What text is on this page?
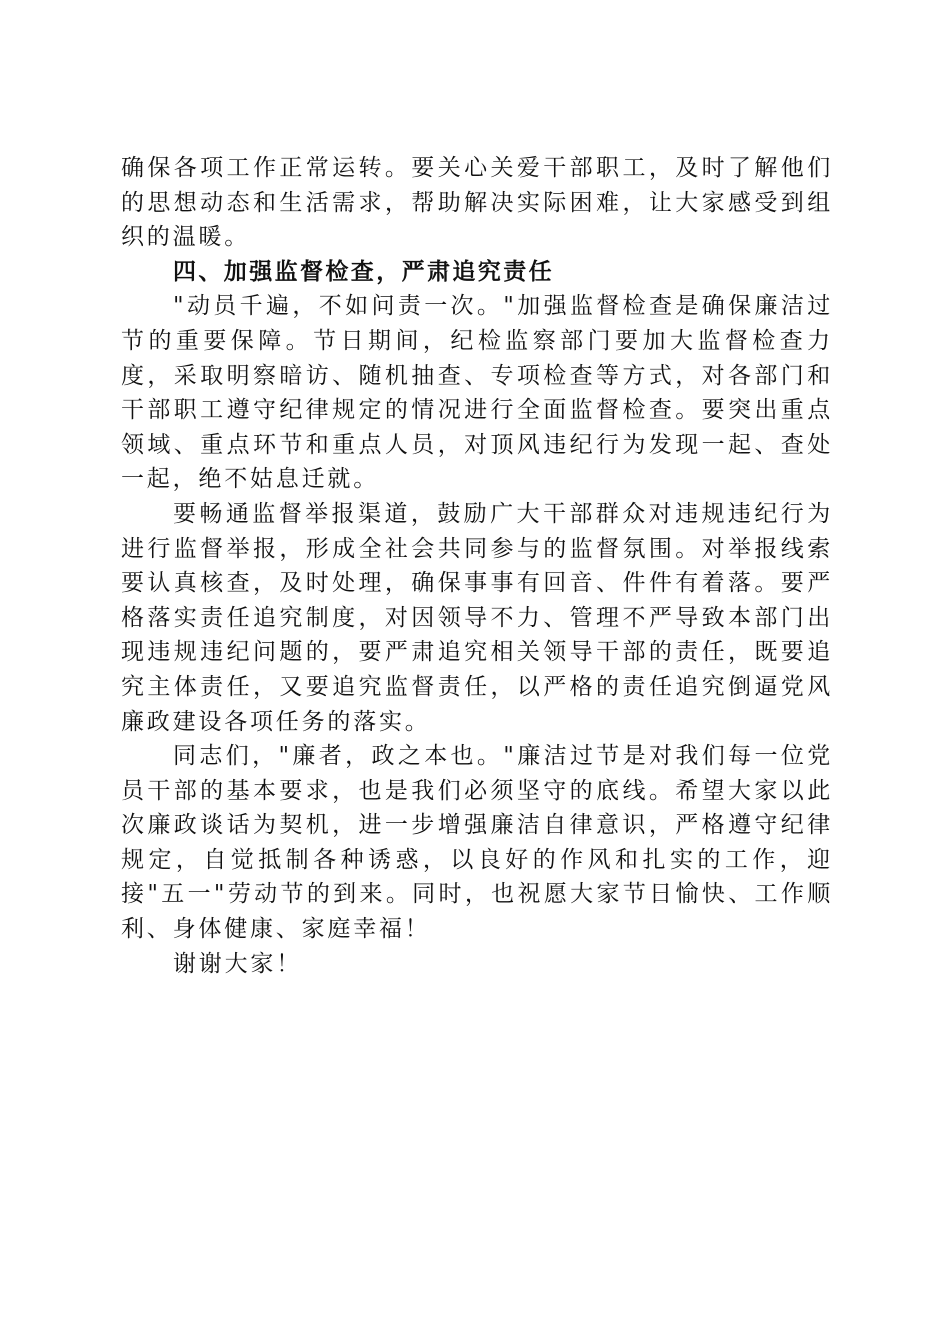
确保各项工作正常运转。要关心关爱干部职工，及时了解他们的思想动态和生活需求，帮助解决实际困难，让大家感受到组织的温暖。

四、加强监督检查，严肃追究责任

"动员千遍，不如问责一次。"加强监督检查是确保廉洁过节的重要保障。节日期间，纪检监察部门要加大监督检查力度，采取明察暗访、随机抽查、专项检查等方式，对各部门和干部职工遵守纪律规定的情况进行全面监督检查。要突出重点领域、重点环节和重点人员，对顶风违纪行为发现一起、查处一起，绝不姑息迁就。

要畅通监督举报渠道，鼓励广大干部群众对违规违纪行为进行监督举报，形成全社会共同参与的监督氛围。对举报线索要认真核查，及时处理，确保事事有回音、件件有着落。要严格落实责任追究制度，对因领导不力、管理不严导致本部门出现违规违纪问题的，要严肃追究相关领导干部的责任，既要追究主体责任，又要追究监督责任，以严格的责任追究倒逼党风廉政建设各项任务的落实。

同志们，"廉者，政之本也。"廉洁过节是对我们每一位党员干部的基本要求，也是我们必须坚守的底线。希望大家以此次廉政谈话为契机，进一步增强廉洁自律意识，严格遵守纪律规定，自觉抵制各种诱惑，以良好的作风和扎实的工作，迎接"五一"劳动节的到来。同时，也祝愿大家节日愉快、工作顺利、身体健康、家庭幸福！

谢谢大家！
